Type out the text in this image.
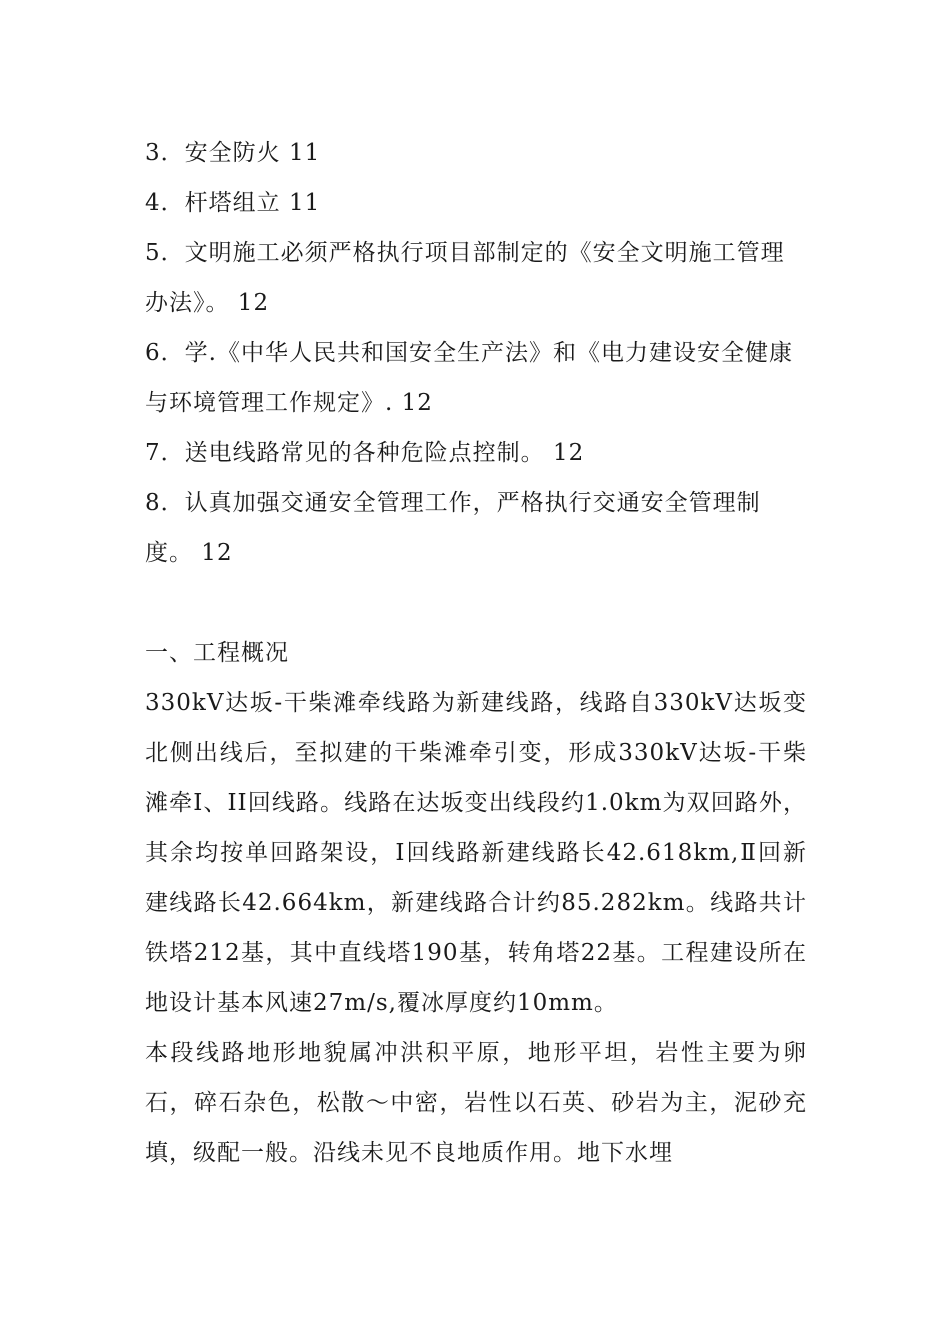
3．安全防火 11

4．杆塔组立 11

5．文明施工必须严格执行项目部制定的《安全文明施工管理办法》。 12

6．学.《中华人民共和国安全生产法》和《电力建设安全健康与环境管理工作规定》. 12

7．送电线路常见的各种危险点控制。 12

8．认真加强交通安全管理工作，严格执行交通安全管理制度。 12

一、工程概况

330kV达坂-干柴滩牵线路为新建线路，线路自330kV达坂变北侧出线后，至拟建的干柴滩牵引变，形成330kV达坂-干柴滩牵Ⅰ、II回线路。线路在达坂变出线段约1.0km为双回路外，其余均按单回路架设，Ⅰ回线路新建线路长42.618km,Ⅱ回新建线路长42.664km，新建线路合计约85.282km。线路共计铁塔212基，其中直线塔190基，转角塔22基。工程建设所在地设计基本风速27m/s,覆冰厚度约10mm。

本段线路地形地貌属冲洪积平原，地形平坦，岩性主要为卵石，碎石杂色，松散～中密，岩性以石英、砂岩为主，泥砂充填，级配一般。沿线未见不良地质作用。地下水埋
